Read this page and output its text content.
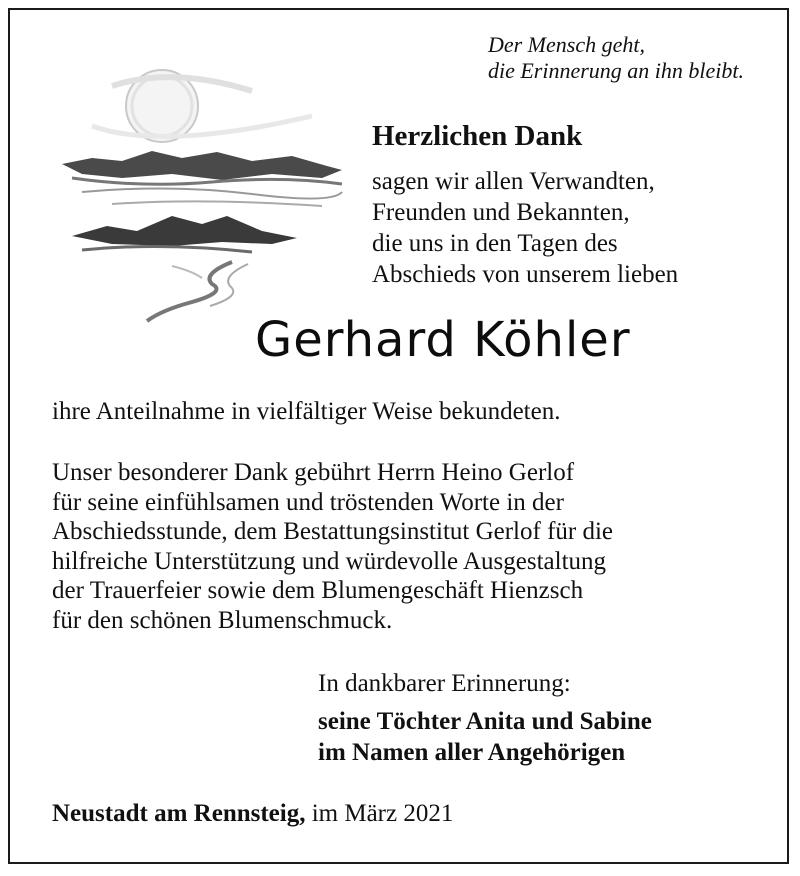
Der Mensch geht,
die Erinnerung an ihn bleibt.
Herzlichen Dank
sagen wir allen Verwandten,
Freunden und Bekannten,
die uns in den Tagen des
Abschieds von unserem lieben
Gerhard Köhler
ihre Anteilnahme in vielfältiger Weise bekundeten.
Unser besonderer Dank gebührt Herrn Heino Gerlof
für seine einfühlsamen und tröstenden Worte in der
Abschiedsstunde, dem Bestattungsinstitut Gerlof für die
hilfreiche Unterstützung und würdevolle Ausgestaltung
der Trauerfeier sowie dem Blumengeschäft Hienzsch
für den schönen Blumenschmuck.
In dankbarer Erinnerung:
seine Töchter Anita und Sabine
im Namen aller Angehörigen
Neustadt am Rennsteig, im März 2021
